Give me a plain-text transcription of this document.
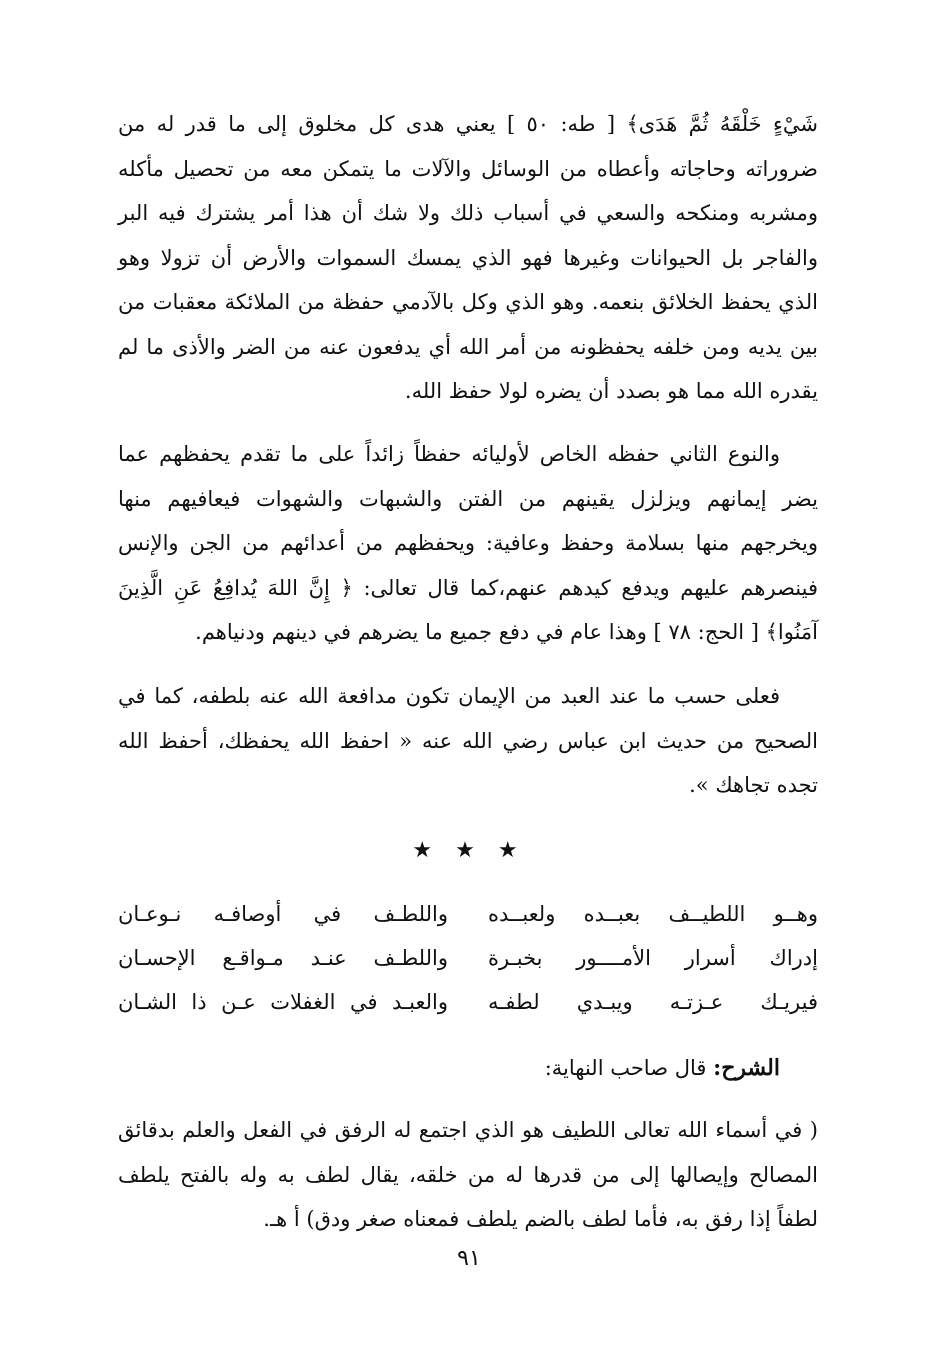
شَيْءٍ خَلْقَهُ ثُمَّ هَدَى﴾ [ طه: ٥٠ ] يعني هدى كل مخلوق إلى ما قدر له من ضروراته وحاجاته وأعطاه من الوسائل والآلات ما يتمكن معه من تحصيل مأكله ومشربه ومنكحه والسعي في أسباب ذلك ولا شك أن هذا أمر يشترك فيه البر والفاجر بل الحيوانات وغيرها فهو الذي يمسك السموات والأرض أن تزولا وهو الذي يحفظ الخلائق بنعمه. وهو الذي وكل بالآدمي حفظة من الملائكة معقبات من بين يديه ومن خلفه يحفظونه من أمر الله أي يدفعون عنه من الضر والأذى ما لم يقدره الله مما هو بصدد أن يضره لولا حفظ الله.

والنوع الثاني حفظه الخاص لأوليائه حفظاً زائداً على ما تقدم يحفظهم عما يضر إيمانهم ويزلزل يقينهم من الفتن والشبهات والشهوات فيعافيهم منها ويخرجهم منها بسلامة وحفظ وعافية: ويحفظهم من أعدائهم من الجن والإنس فينصرهم عليهم ويدفع كيدهم عنهم،كما قال تعالى: ﴿ إِنَّ اللهَ يُدافِعُ عَنِ الَّذِينَ آمَنُوا﴾ [ الحج: ٧٨ ] وهذا عام في دفع جميع ما يضرهم في دينهم ودنياهم.

فعلى حسب ما عند العبد من الإيمان تكون مدافعة الله عنه بلطفه، كما في الصحيح من حديث ابن عباس رضي الله عنه « احفظ الله يحفظك، أحفظ الله تجده تجاهك ».

★ ★ ★
وهــو اللطيــف بعبــده ولعبــده
واللطـف في أوصافـه نـوعـان
إدراك أسرار الأمــــور بخبـرة
واللطـف عنـد مـواقـع الإحسـان
فيريـك عـزتـه ويبـدي لطفـه
والعبـد في الغفلات عـن ذا الشـان
الشرح: قال صاحب النهاية:

( في أسماء الله تعالى اللطيف هو الذي اجتمع له الرفق في الفعل والعلم بدقائق المصالح وإيصالها إلى من قدرها له من خلقه، يقال لطف به وله بالفتح يلطف لطفاً إذا رفق به، فأما لطف بالضم يلطف فمعناه صغر ودق) أ هـ.

٩١
